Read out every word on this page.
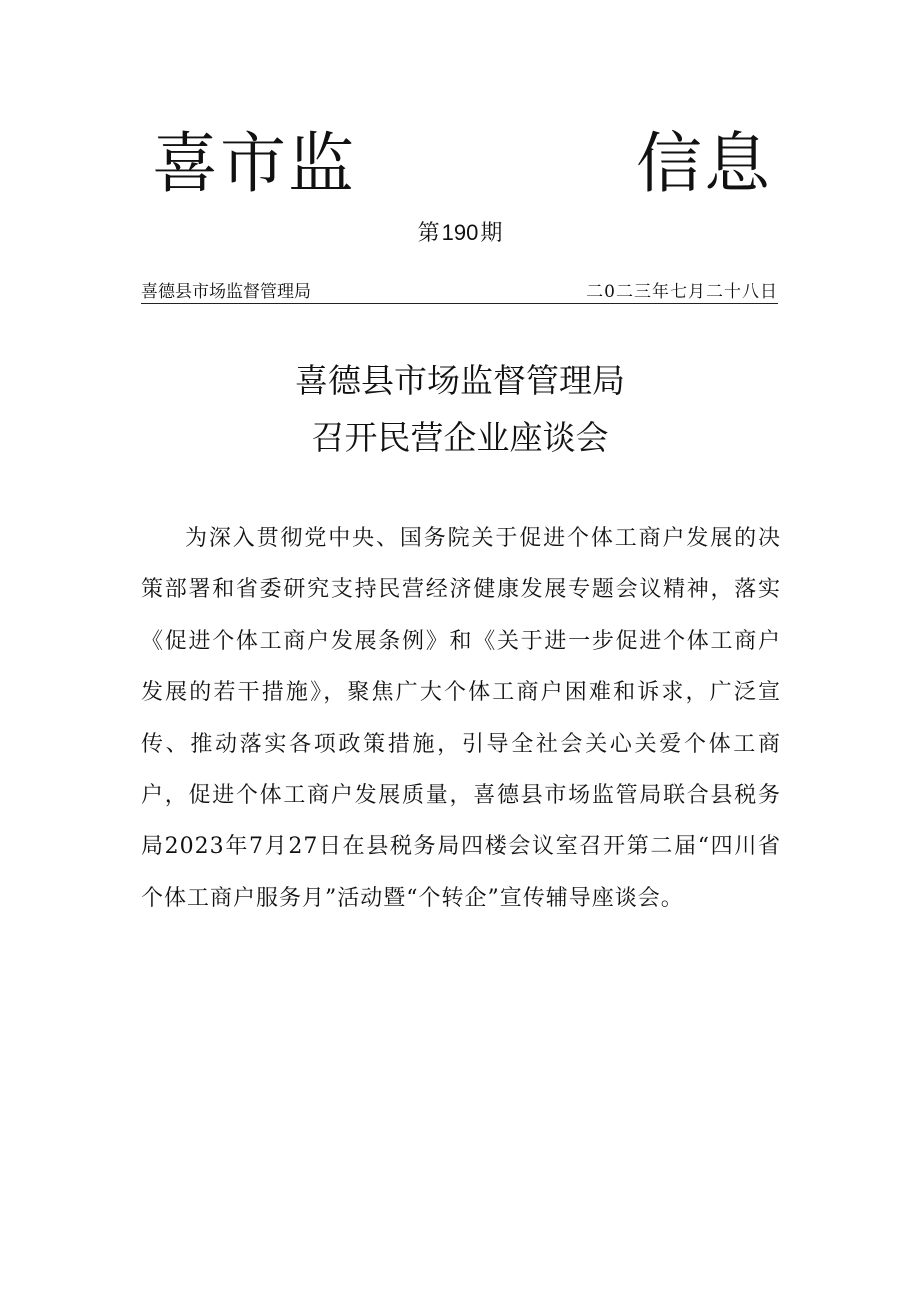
喜市监	信息
第190期
喜德县市场监督管理局	二0二三年七月二十八日
喜德县市场监督管理局
召开民营企业座谈会

为深入贯彻党中央、国务院关于促进个体工商户发展的决策部署和省委研究支持民营经济健康发展专题会议精神，落实《促进个体工商户发展条例》和《关于进一步促进个体工商户发展的若干措施》，聚焦广大个体工商户困难和诉求，广泛宣传、推动落实各项政策措施，引导全社会关心关爱个体工商户，促进个体工商户发展质量，喜德县市场监管局联合县税务局2023年7月27日在县税务局四楼会议室召开第二届“四川省个体工商户服务月”活动暨“个转企”宣传辅导座谈会。
